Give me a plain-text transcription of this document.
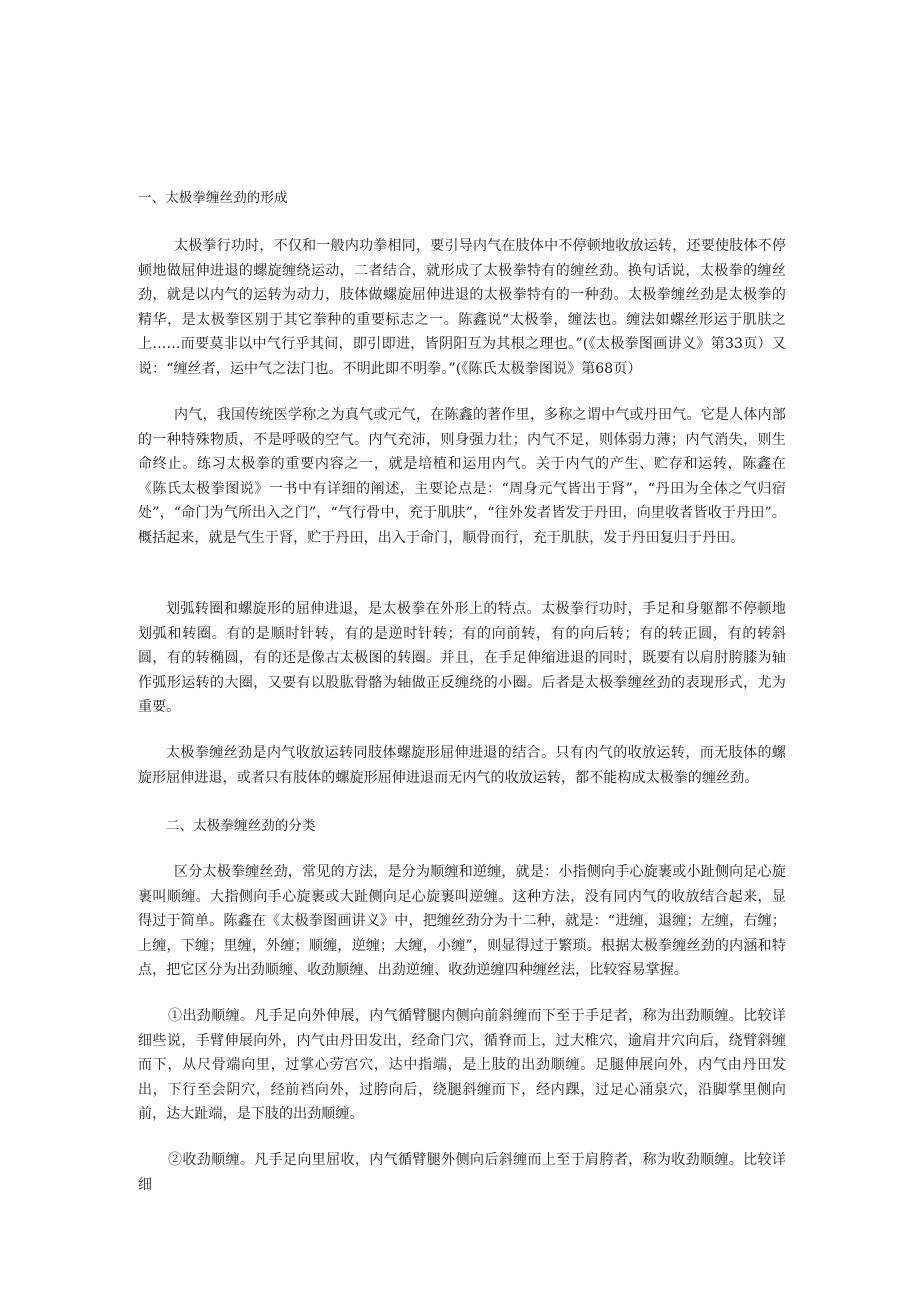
一、太极拳缠丝劲的形成

太极拳行功时，不仅和一般内功拳相同，要引导内气在肢体中不停顿地收放运转，还要使肢体不停顿地做屈伸进退的螺旋缠绕运动，二者结合，就形成了太极拳特有的缠丝劲。换句话说，太极拳的缠丝劲，就是以内气的运转为动力，肢体做螺旋屈伸进退的太极拳特有的一种劲。太极拳缠丝劲是太极拳的精华，是太极拳区别于其它拳种的重要标志之一。陈鑫说“太极拳，缠法也。缠法如螺丝形运于肌肤之上……而要莫非以中气行乎其间，即引即进，皆阴阳互为其根之理也。”(《太极拳图画讲义》第33页）又说：“缠丝者，运中气之法门也。不明此即不明拳。”(《陈氏太极拳图说》第68页）

内气，我国传统医学称之为真气或元气，在陈鑫的著作里，多称之谓中气或丹田气。它是人体内部的一种特殊物质，不是呼吸的空气。内气充沛，则身强力壮；内气不足，则体弱力薄；内气消失，则生命终止。练习太极拳的重要内容之一，就是培植和运用内气。关于内气的产生、贮存和运转，陈鑫在《陈氏太极拳图说》一书中有详细的阐述，主要论点是：“周身元气皆出于肾”，“丹田为全体之气归宿处”，“命门为气所出入之门”，“气行骨中，充于肌肤”，“往外发者皆发于丹田，向里收者皆收于丹田”。概括起来，就是气生于肾，贮于丹田，出入于命门，顺骨而行，充于肌肤，发于丹田复归于丹田。

划弧转圈和螺旋形的屈伸进退，是太极拳在外形上的特点。太极拳行功时，手足和身躯都不停顿地划弧和转圈。有的是顺时针转，有的是逆时针转；有的向前转，有的向后转；有的转正圆，有的转斜圆，有的转椭圆，有的还是像古太极图的转圈。并且，在手足伸缩进退的同时，既要有以肩肘胯膝为轴作弧形运转的大圈，又要有以股肱骨骼为轴做正反缠绕的小圈。后者是太极拳缠丝劲的表现形式，尤为重要。

太极拳缠丝劲是内气收放运转同肢体螺旋形屈伸进退的结合。只有内气的收放运转，而无肢体的螺旋形屈伸进退，或者只有肢体的螺旋形屈伸进退而无内气的收放运转，都不能构成太极拳的缠丝劲。

二、太极拳缠丝劲的分类

区分太极拳缠丝劲，常见的方法，是分为顺缠和逆缠，就是：小指侧向手心旋裹或小趾侧向足心旋裹叫顺缠。大指侧向手心旋裹或大趾侧向足心旋裹叫逆缠。这种方法，没有同内气的收放结合起来，显得过于简单。陈鑫在《太极拳图画讲义》中，把缠丝劲分为十二种，就是：“进缠，退缠；左缠，右缠；上缠，下缠；里缠，外缠；顺缠，逆缠；大缠，小缠”，则显得过于繁琐。根据太极拳缠丝劲的内涵和特点，把它区分为出劲顺缠、收劲顺缠、出劲逆缠、收劲逆缠四种缠丝法，比较容易掌握。

①出劲顺缠。凡手足向外伸展，内气循臂腿内侧向前斜缠而下至于手足者，称为出劲顺缠。比较详细些说，手臂伸展向外，内气由丹田发出，经命门穴，循脊而上，过大椎穴，逾肩井穴向后，绕臂斜缠而下，从尺骨端向里，过掌心劳宫穴，达中指端，是上肢的出劲顺缠。足腿伸展向外，内气由丹田发出，下行至会阴穴，经前裆向外，过胯向后，绕腿斜缠而下，经内踝，过足心涌泉穴，沿脚掌里侧向前，达大趾端，是下肢的出劲顺缠。

②收劲顺缠。凡手足向里屈收，内气循臂腿外侧向后斜缠而上至于肩胯者，称为收劲顺缠。比较详细
